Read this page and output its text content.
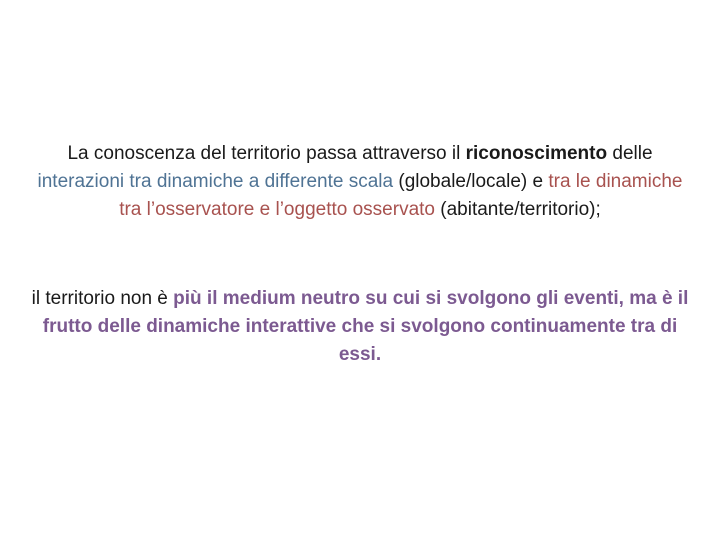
La conoscenza del territorio passa attraverso il riconoscimento delle interazioni tra dinamiche a differente scala (globale/locale) e tra le dinamiche tra l’osservatore e l’oggetto osservato (abitante/territorio);

il territorio non è più il medium neutro su cui si svolgono gli eventi, ma è il frutto delle dinamiche interattive che si svolgono continuamente tra di essi.
